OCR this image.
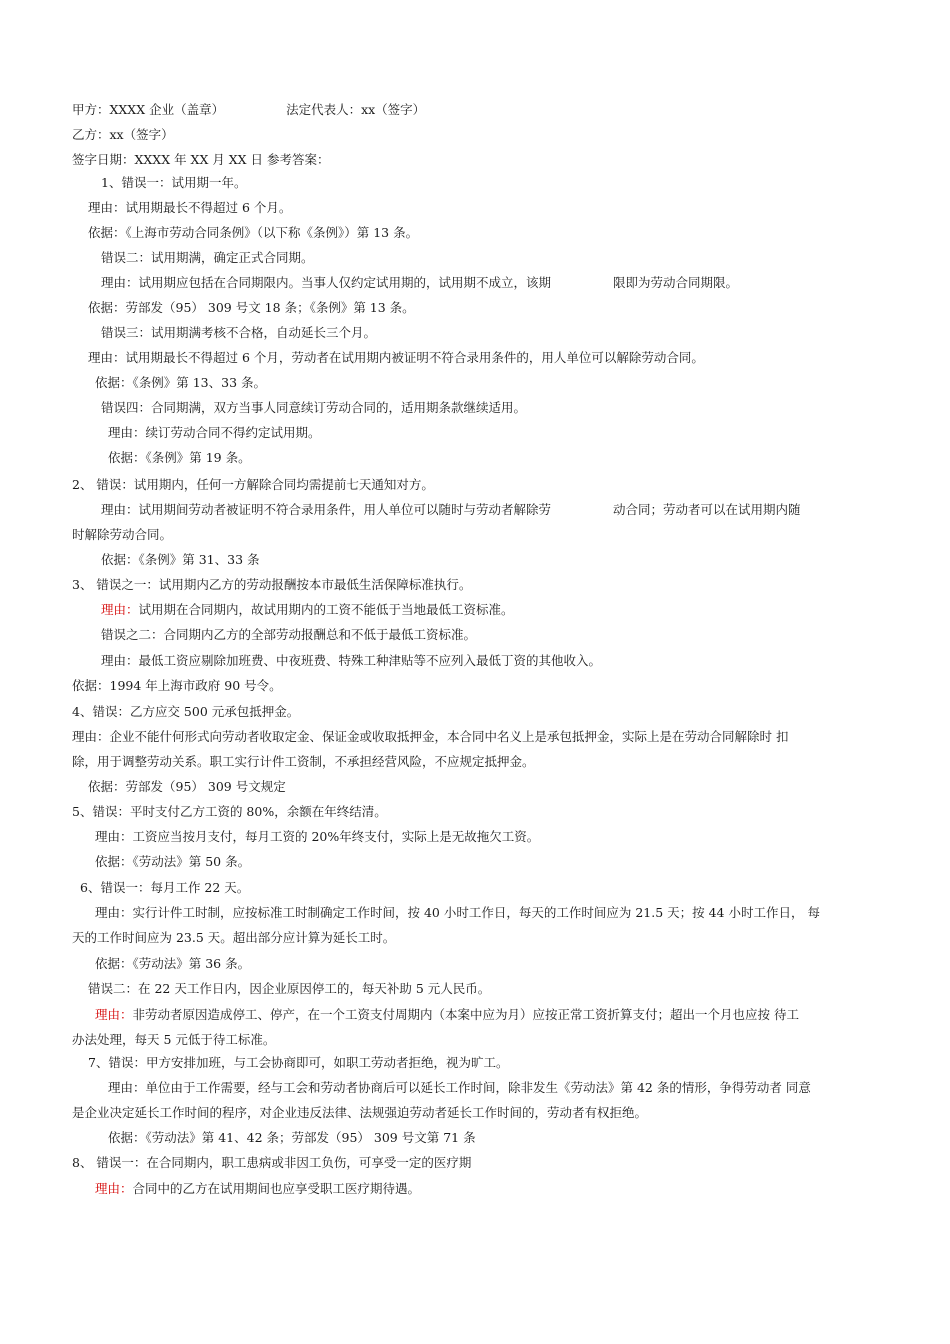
甲方：XXXX 企业（盖章）	法定代表人：xx（签字）
乙方：xx（签字）
签字日期：XXXX 年 XX 月 XX 日 参考答案：
1、错误一：试用期一年。
理由：试用期最长不得超过 6 个月。
依据：《上海市劳动合同条例》（以下称《条例》）第 13 条。
错误二：试用期满，确定正式合同期。
理由：试用期应包括在合同期限内。当事人仅约定试用期的，试用期不成立，该期	限即为劳动合同期限。
依据：劳部发（95） 309 号文 18 条；《条例》第 13 条。
错误三：试用期满考核不合格，自动延长三个月。
理由：试用期最长不得超过 6 个月，劳动者在试用期内被证明不符合录用条件的，用人单位可以解除劳动合同。
依据：《条例》第 13、33 条。
错误四：合同期满，双方当事人同意续订劳动合同的，适用期条款继续适用。
理由：续订劳动合同不得约定试用期。
依据：《条例》第 19 条。
2、 错误：试用期内，任何一方解除合同均需提前七天通知对方。
理由：试用期间劳动者被证明不符合录用条件，用人单位可以随时与劳动者解除劳	动合同；劳动者可以在试用期内随
时解除劳动合同。
依据：《条例》第 31、33 条
3、 错误之一：试用期内乙方的劳动报酬按本市最低生活保障标准执行。
理由：试用期在合同期内，故试用期内的工资不能低于当地最低工资标准。
错误之二：合同期内乙方的全部劳动报酬总和不低于最低工资标准。
理由：最低工资应剔除加班费、中夜班费、特殊工种津贴等不应列入最低丁资的其他收入。
依据：1994 年上海市政府 90 号令。
4、错误：乙方应交 500 元承包抵押金。
理由：企业不能什何形式向劳动者收取定金、保证金或收取抵押金，本合同中名义上是承包抵押金，实际上是在劳动合同解除时 扣
除，用于调整劳动关系。职工实行计件工资制，不承担经营风险，不应规定抵押金。
依据：劳部发（95） 309 号文规定
5、错误：平时支付乙方工资的 80%，余额在年终结清。
理由：工资应当按月支付，每月工资的 20%年终支付，实际上是无故拖欠工资。
依据：《劳动法》第 50 条。
6、错误一：每月工作 22 天。
理由：实行计件工时制，应按标准工时制确定工作时间，按 40 小时工作日，每天的工作时间应为 21.5 天；按 44 小时工作日， 每
天的工作时间应为 23.5 天。超出部分应计算为延长工时。
依据：《劳动法》第 36 条。
错误二：在 22 天工作日内，因企业原因停工的，每天补助 5 元人民币。
理由：非劳动者原因造成停工、停产，在一个工资支付周期内（本案中应为月）应按正常工资折算支付；超出一个月也应按 待工
办法处理，每天 5 元低于待工标准。
7、错误：甲方安排加班，与工会协商即可，如职工劳动者拒绝，视为旷工。
理由：单位由于工作需要，经与工会和劳动者协商后可以延长工作时间，除非发生《劳动法》第 42 条的情形，争得劳动者 同意
是企业决定延长工作时间的程序，对企业违反法律、法规强迫劳动者延长工作时间的，劳动者有权拒绝。
依据：《劳动法》第 41、42 条；劳部发（95） 309 号文第 71 条
8、 错误一：在合同期内，职工患病或非因工负伤，可享受一定的医疗期
理由：合同中的乙方在试用期间也应享受职工医疗期待遇。
